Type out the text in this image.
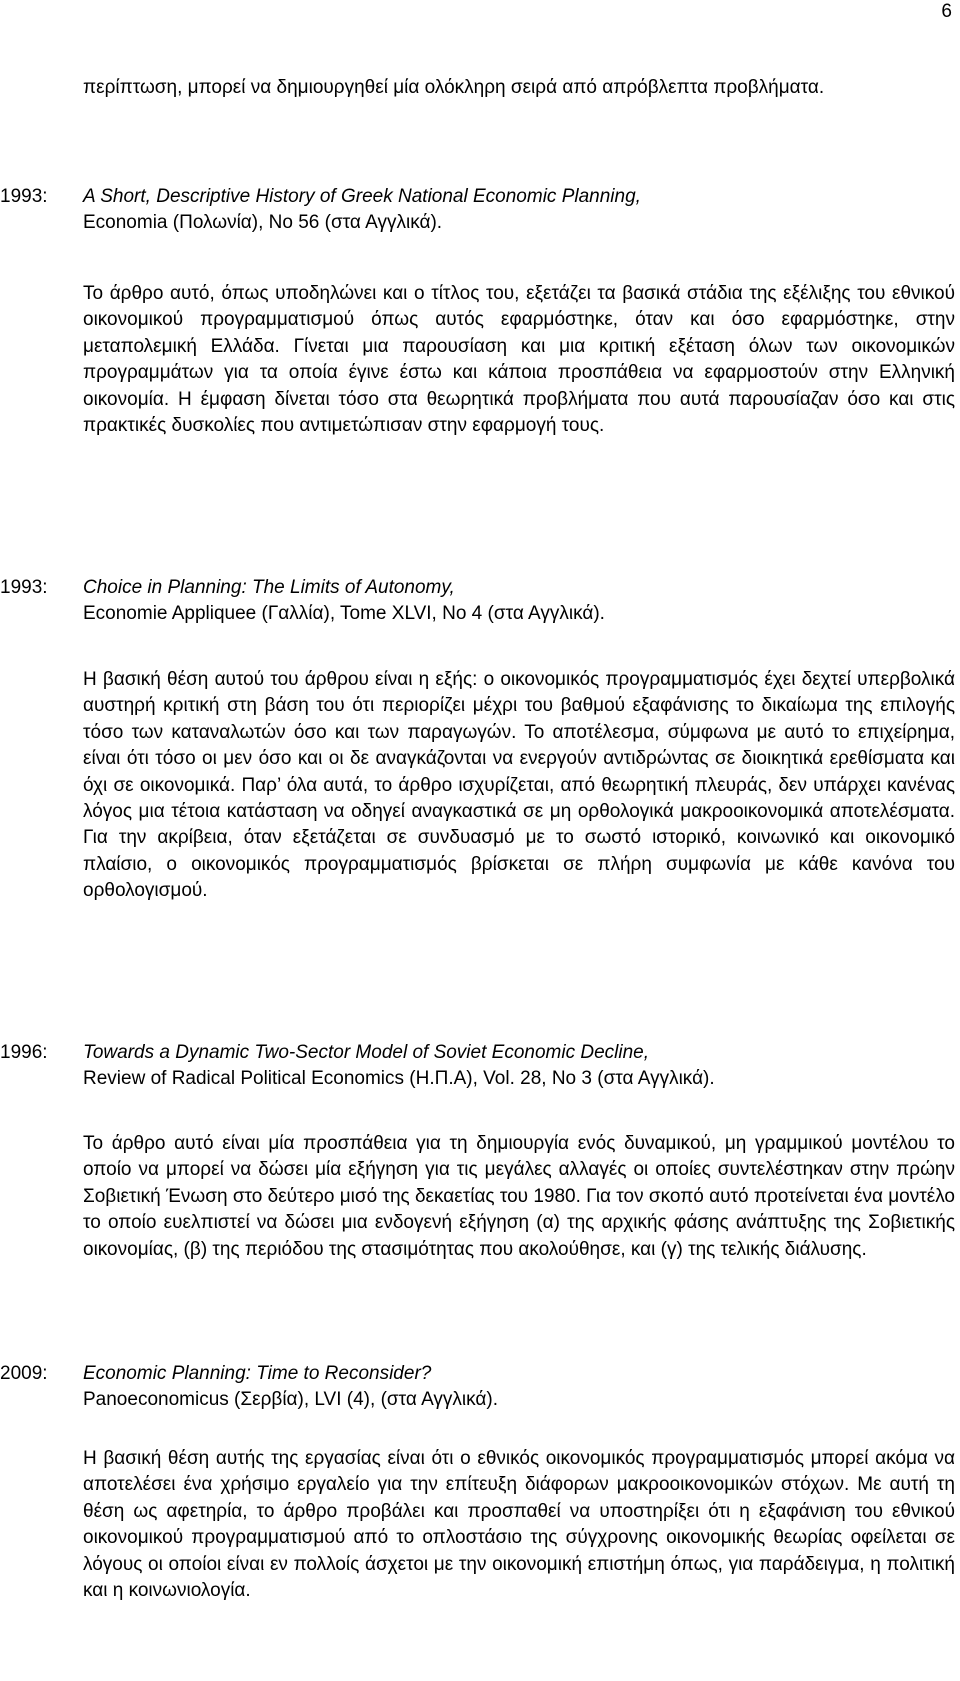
6

περίπτωση, μπορεί να δημιουργηθεί μία ολόκληρη σειρά από απρόβλεπτα προβλήματα.

1993: A Short, Descriptive History of Greek National Economic Planning,
Economia (Πολωνία), No 56 (στα Αγγλικά).

Το άρθρο αυτό, όπως υποδηλώνει και ο τίτλος του, εξετάζει τα βασικά στάδια της εξέλιξης του εθνικού οικονομικού προγραμματισμού όπως αυτός εφαρμόστηκε, όταν και όσο εφαρμόστηκε, στην μεταπολεμική Ελλάδα. Γίνεται μια παρουσίαση και μια κριτική εξέταση όλων των οικονομικών προγραμμάτων για τα οποία έγινε έστω και κάποια προσπάθεια να εφαρμοστούν στην Ελληνική οικονομία. Η έμφαση δίνεται τόσο στα θεωρητικά προβλήματα που αυτά παρουσίαζαν όσο και στις πρακτικές δυσκολίες που αντιμετώπισαν στην εφαρμογή τους.

1993: Choice in Planning: The Limits of Autonomy,
Economie Appliquee (Γαλλία), Tome XLVI, No 4 (στα Αγγλικά).

Η βασική θέση αυτού του άρθρου είναι η εξής: ο οικονομικός προγραμματισμός έχει δεχτεί υπερβολικά αυστηρή κριτική στη βάση του ότι περιορίζει μέχρι του βαθμού εξαφάνισης το δικαίωμα της επιλογής τόσο των καταναλωτών όσο και των παραγωγών. Το αποτέλεσμα, σύμφωνα με αυτό το επιχείρημα, είναι ότι τόσο οι μεν όσο και οι δε αναγκάζονται να ενεργούν αντιδρώντας σε διοικητικά ερεθίσματα και όχι σε οικονομικά. Παρ’ όλα αυτά, το άρθρο ισχυρίζεται, από θεωρητική πλευράς, δεν υπάρχει κανένας λόγος μια τέτοια κατάσταση να οδηγεί αναγκαστικά σε μη ορθολογικά μακροοικονομικά αποτελέσματα. Για την ακρίβεια, όταν εξετάζεται σε συνδυασμό με το σωστό ιστορικό, κοινωνικό και οικονομικό πλαίσιο, ο οικονομικός προγραμματισμός βρίσκεται σε πλήρη συμφωνία με κάθε κανόνα του ορθολογισμού.

1996: Towards a Dynamic Two-Sector Model of Soviet Economic Decline,
Review of Radical Political Economics (Η.Π.Α), Vol. 28, No 3 (στα Αγγλικά).

Το άρθρο αυτό είναι μία προσπάθεια για τη δημιουργία ενός δυναμικού, μη γραμμικού μοντέλου το οποίο να μπορεί να δώσει μία εξήγηση για τις μεγάλες αλλαγές οι οποίες συντελέστηκαν στην πρώην Σοβιετική Ένωση στο δεύτερο μισό της δεκαετίας του 1980. Για τον σκοπό αυτό προτείνεται ένα μοντέλο το οποίο ευελπιστεί να δώσει μια ενδογενή εξήγηση (α) της αρχικής φάσης ανάπτυξης της Σοβιετικής οικονομίας, (β) της περιόδου της στασιμότητας που ακολούθησε, και (γ) της τελικής διάλυσης.

2009: Economic Planning: Time to Reconsider?
Panoeconomicus (Σερβία), LVI (4), (στα Αγγλικά).

Η βασική θέση αυτής της εργασίας είναι ότι ο εθνικός οικονομικός προγραμματισμός μπορεί ακόμα να αποτελέσει ένα χρήσιμο εργαλείο για την επίτευξη διάφορων μακροοικονομικών στόχων. Με αυτή τη θέση ως αφετηρία, το άρθρο προβάλει και προσπαθεί να υποστηρίξει ότι η εξαφάνιση του εθνικού οικονομικού προγραμματισμού από το οπλοστάσιο της σύγχρονης οικονομικής θεωρίας οφείλεται σε λόγους οι οποίοι είναι εν πολλοίς άσχετοι με την οικονομική επιστήμη όπως, για παράδειγμα, η πολιτική και η κοινωνιολογία.
